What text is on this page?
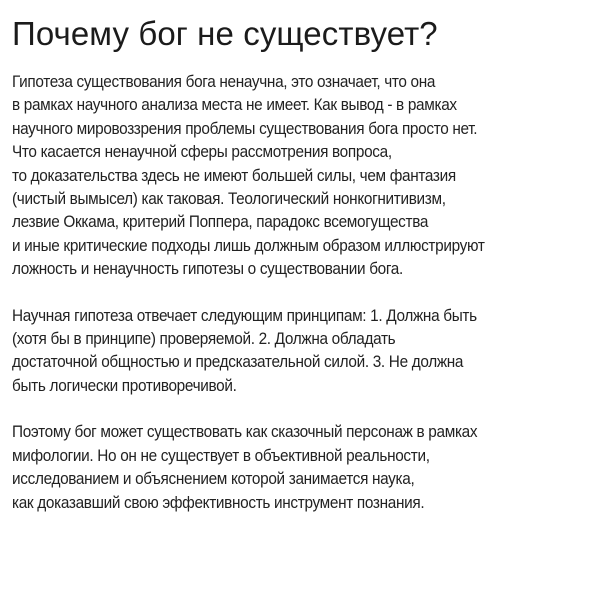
Почему бог не существует?

Гипотеза существования бога ненаучна, это означает, что она
в рамках научного анализа места не имеет. Как вывод - в рамках
научного мировоззрения проблемы существования бога просто нет.
Что касается ненаучной сферы рассмотрения вопроса,
то доказательства здесь не имеют большей силы, чем фантазия
(чистый вымысел) как таковая. Теологический нонкогнитивизм,
лезвие Оккама, критерий Поппера, парадокс всемогущества
и иные критические подходы лишь должным образом иллюстрируют
ложность и ненаучность гипотезы о существовании бога.

Научная гипотеза отвечает следующим принципам: 1. Должна быть
(хотя бы в принципе) проверяемой. 2. Должна обладать
достаточной общностью и предсказательной силой. 3. Не должна
быть логически противоречивой.

Поэтому бог может существовать как сказочный персонаж в рамках
мифологии. Но он не существует в объективной реальности,
исследованием и объяснением которой занимается наука,
как доказавший свою эффективность инструмент познания.
